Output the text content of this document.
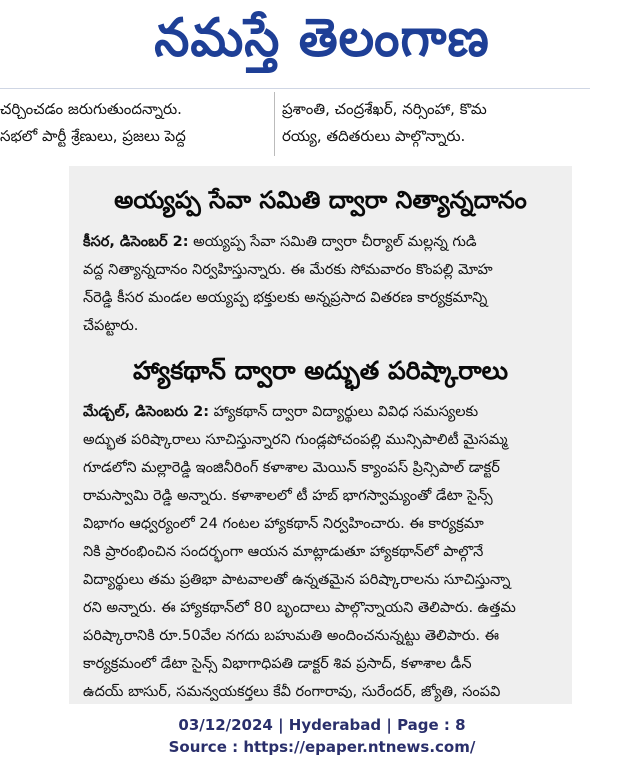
నమస్తే తెలంగాణ
చర్చించడం జరుగుతుందన్నారు.
సభలో పార్టీ శ్రేణులు, ప్రజలు పెద్ద
ప్రశాంతి, చంద్రశేఖర్, నర్సింహా, కొమ
రయ్య, తదితరులు పాల్గొన్నారు.
అయ్యప్ప సేవా సమితి ద్వారా నిత్యాన్నదానం
కీసర, డిసెంబర్ 2: అయ్యప్ప సేవా సమితి ద్వారా చీర్యాల్ మల్లన్న గుడి
వద్ద నిత్యాన్నదానం నిర్వహిస్తున్నారు. ఈ మేరకు సోమవారం కొంపల్లి మోహ
న్‌రెడ్డి కీసర మండల అయ్యప్ప భక్తులకు అన్నప్రసాద వితరణ కార్యక్రమాన్ని
చేపట్టారు.
హ్యాకథాన్ ద్వారా అద్భుత పరిష్కారాలు
మేడ్చల్, డిసెంబరు 2: హ్యాకథాన్ ద్వారా విద్యార్థులు వివిధ సమస్యలకు
అద్భుత పరిష్కారాలు సూచిస్తున్నారని గుండ్లపోచంపల్లి మున్సిపాలిటీ మైసమ్మ
గూడలోని మల్లారెడ్డి ఇంజినీరింగ్ కళాశాల మెయిన్ క్యాంపస్ ప్రిన్సిపాల్ డాక్టర్
రామస్వామి రెడ్డి అన్నారు. కళాశాలలో టీ హబ్ భాగస్వామ్యంతో డేటా సైన్స్
విభాగం ఆధ్వర్యంలో 24 గంటల హ్యాకథాన్ నిర్వహించారు. ఈ కార్యక్రమా
నికి ప్రారంభించిన సందర్భంగా ఆయన మాట్లాడుతూ హ్యాకథాన్‌లో పాల్గొనే
విద్యార్థులు తమ ప్రతిభా పాటవాలతో ఉన్నతమైన పరిష్కారాలను సూచిస్తున్నా
రని అన్నారు. ఈ హ్యాకథాన్‌లో 80 బృందాలు పాల్గొన్నాయని తెలిపారు. ఉత్తమ
పరిష్కారానికి రూ.50వేల నగదు బహుమతి అందించనున్నట్టు తెలిపారు. ఈ
కార్యక్రమంలో డేటా సైన్స్ విభాగాధిపతి డాక్టర్ శివ ప్రసాద్, కళాశాల డీన్
ఉదయ్ బాసుర్, సమన్వయకర్తలు కేవీ రంగారావు, సురేందర్, జ్యోతి, సంపవి
03/12/2024 | Hyderabad | Page : 8
Source : https://epaper.ntnews.com/
